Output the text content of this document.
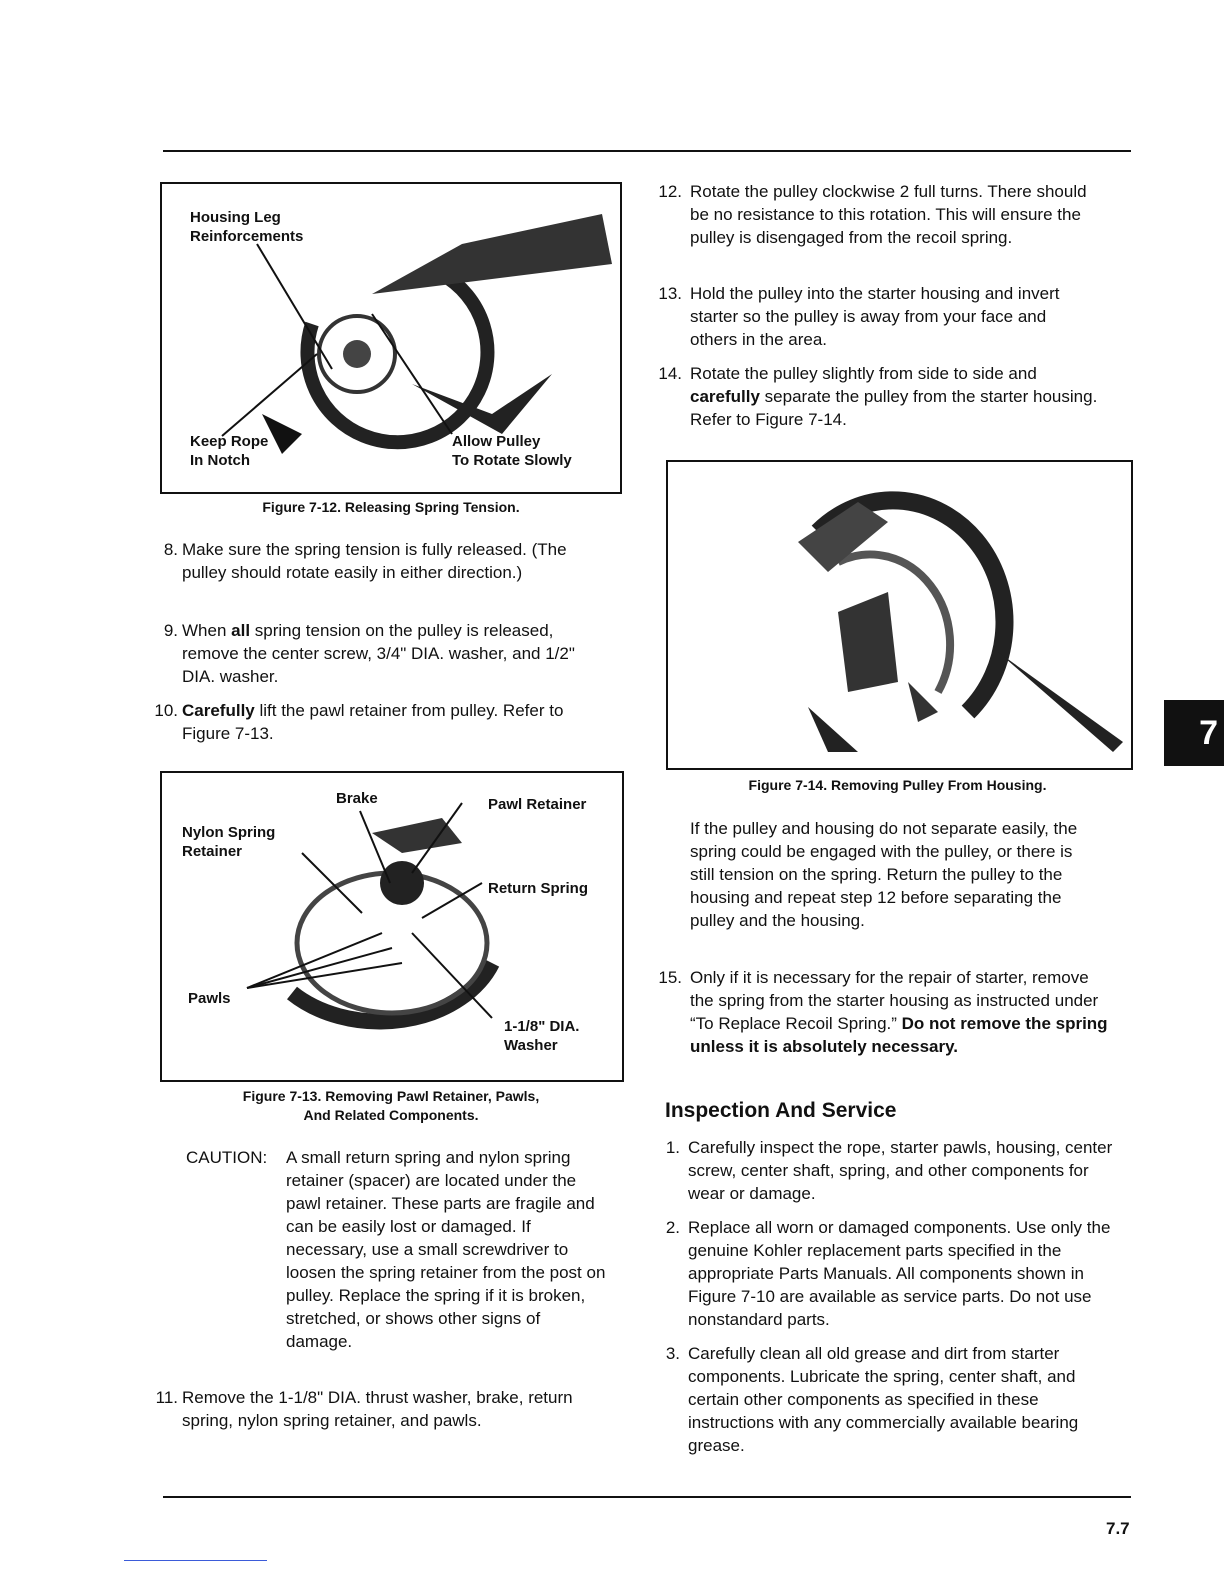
Housing Leg
Reinforcements
Keep Rope
In Notch
Allow Pulley
To Rotate Slowly
Figure 7-12. Releasing Spring Tension.
8. Make sure the spring tension is fully released. (The pulley should rotate easily in either direction.)
9. When all spring tension on the pulley is released, remove the center screw, 3/4" DIA. washer, and 1/2" DIA. washer.
10. Carefully lift the pawl retainer from pulley. Refer to Figure 7-13.
Brake	Pawl Retainer
Nylon Spring
Retainer
Return Spring
Pawls
1-1/8" DIA.
Washer
Figure 7-13. Removing Pawl Retainer, Pawls,
And Related Components.
CAUTION: A small return spring and nylon spring retainer (spacer) are located under the pawl retainer. These parts are fragile and can be easily lost or damaged. If necessary, use a small screwdriver to loosen the spring retainer from the post on pulley. Replace the spring if it is broken, stretched, or shows other signs of damage.
11. Remove the 1-1/8" DIA. thrust washer, brake, return spring, nylon spring retainer, and pawls.
12. Rotate the pulley clockwise 2 full turns. There should be no resistance to this rotation. This will ensure the pulley is disengaged from the recoil spring.
13. Hold the pulley into the starter housing and invert starter so the pulley is away from your face and others in the area.
14. Rotate the pulley slightly from side to side and carefully separate the pulley from the starter housing. Refer to Figure 7-14.
Figure 7-14. Removing Pulley From Housing.
If the pulley and housing do not separate easily, the spring could be engaged with the pulley, or there is still tension on the spring. Return the pulley to the housing and repeat step 12 before separating the pulley and the housing.
15. Only if it is necessary for the repair of starter, remove the spring from the starter housing as instructed under “To Replace Recoil Spring.” Do not remove the spring unless it is absolutely necessary.
Inspection And Service
1. Carefully inspect the rope, starter pawls, housing, center screw, center shaft, spring, and other components for wear or damage.
2. Replace all worn or damaged components. Use only the genuine Kohler replacement parts specified in the appropriate Parts Manuals. All components shown in Figure 7-10 are available as service parts. Do not use nonstandard parts.
3. Carefully clean all old grease and dirt from starter components. Lubricate the spring, center shaft, and certain other components as specified in these instructions with any commercially available bearing grease.
7
7.7
